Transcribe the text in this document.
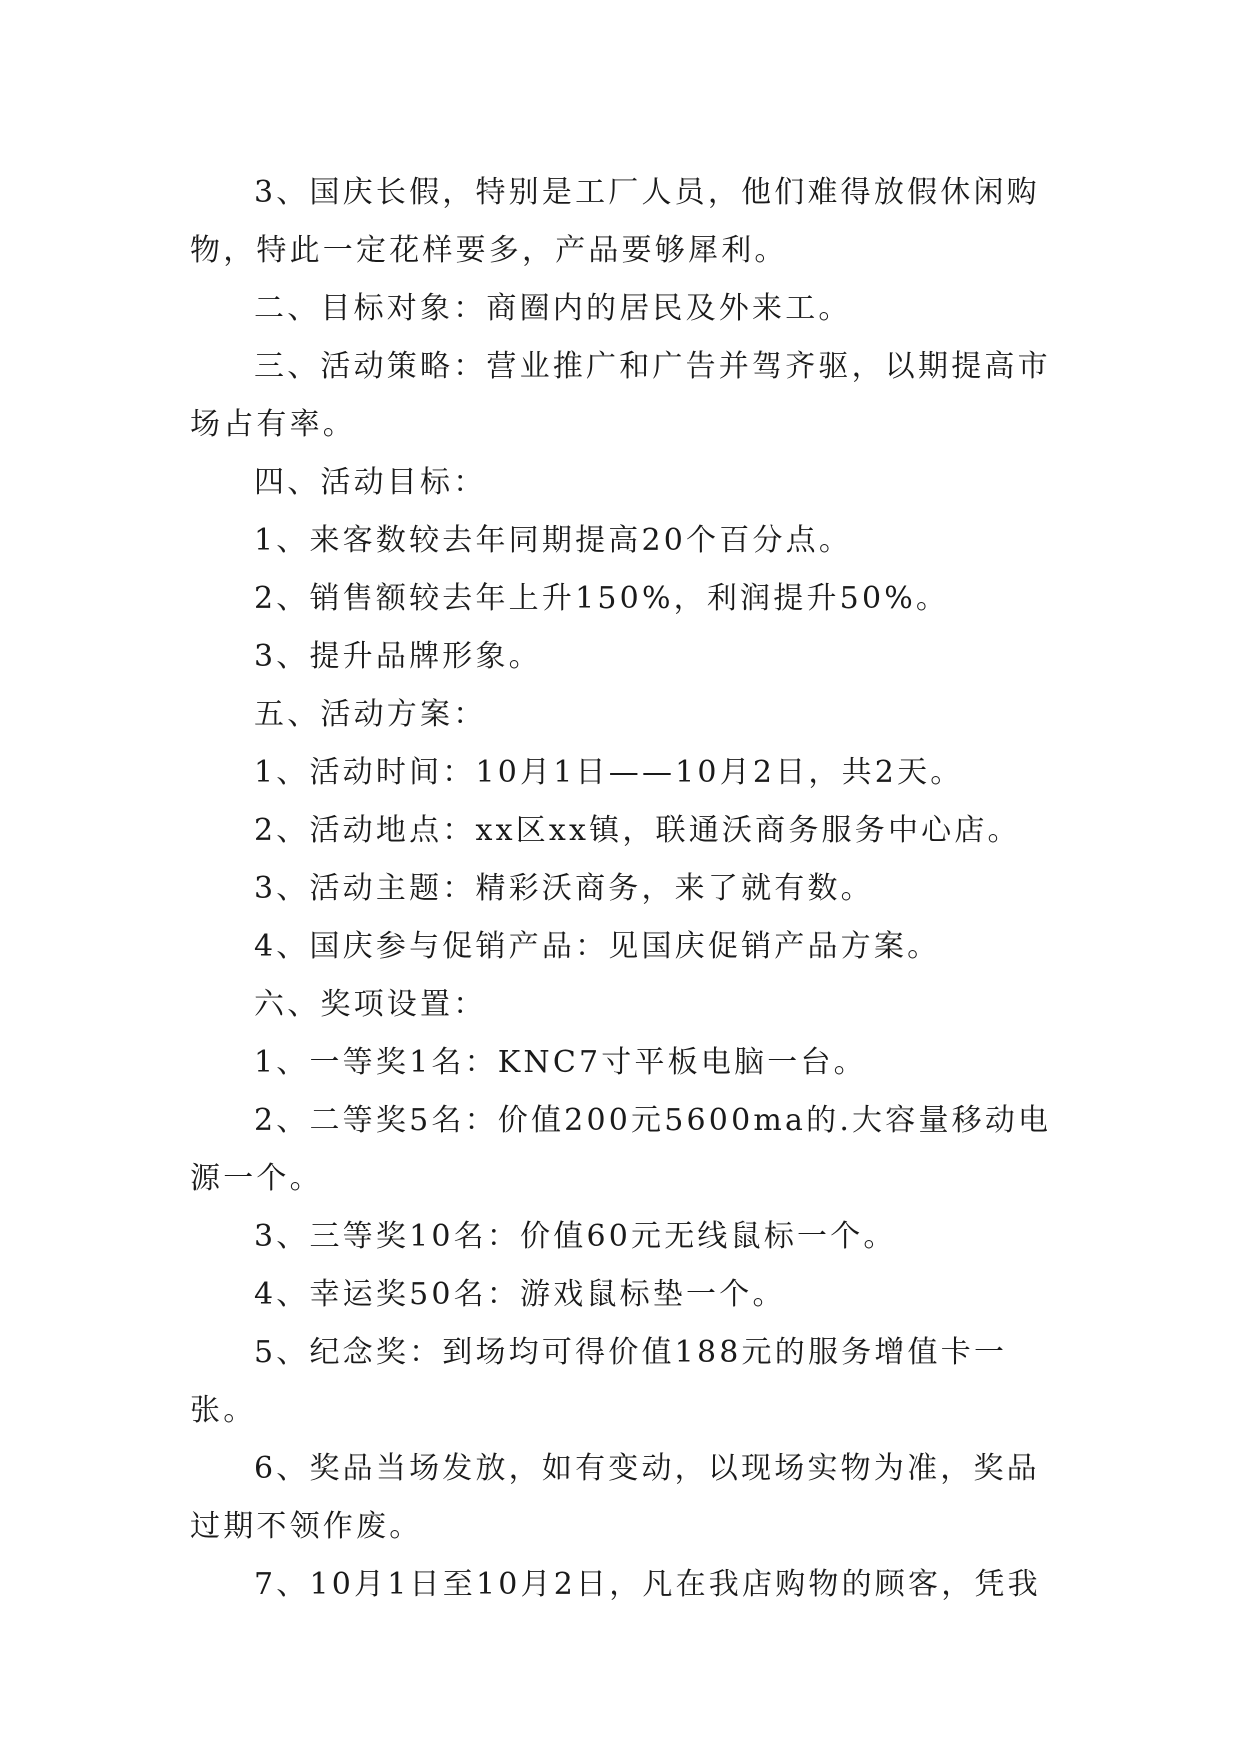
3、国庆长假，特别是工厂人员，他们难得放假休闲购物，特此一定花样要多，产品要够犀利。

二、目标对象：商圈内的居民及外来工。

三、活动策略：营业推广和广告并驾齐驱，以期提高市场占有率。

四、活动目标：

1、来客数较去年同期提高20个百分点。

2、销售额较去年上升150%，利润提升50%。

3、提升品牌形象。

五、活动方案：

1、活动时间：10月1日——10月2日，共2天。

2、活动地点：xx区xx镇，联通沃商务服务中心店。

3、活动主题：精彩沃商务，来了就有数。

4、国庆参与促销产品：见国庆促销产品方案。

六、奖项设置：

1、一等奖1名：KNC7寸平板电脑一台。

2、二等奖5名：价值200元5600ma的.大容量移动电源一个。

3、三等奖10名：价值60元无线鼠标一个。

4、幸运奖50名：游戏鼠标垫一个。

5、纪念奖：到场均可得价值188元的服务增值卡一张。

6、奖品当场发放，如有变动，以现场实物为准，奖品过期不领作废。

7、10月1日至10月2日，凡在我店购物的顾客，凭我
